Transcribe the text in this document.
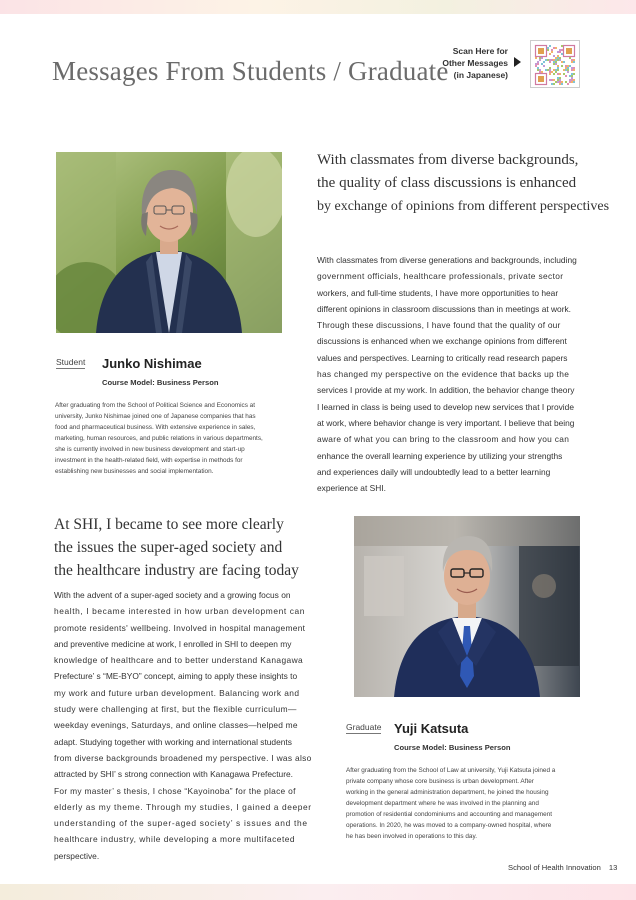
Messages From Students / Graduate
Scan Here for
Other Messages
(in Japanese)
With classmates from diverse backgrounds,
the quality of class discussions is enhanced
by exchange of opinions from different perspectives
With classmates from diverse generations and backgrounds, including
government officials, healthcare professionals, private sector
workers, and full-time students, I have more opportunities to hear
different opinions in classroom discussions than in meetings at work.
Through these discussions, I have found that the quality of our
discussions is enhanced when we exchange opinions from different
values and perspectives. Learning to critically read research papers
has changed my perspective on the evidence that backs up the
services I provide at my work. In addition, the behavior change theory
I learned in class is being used to develop new services that I provide
at work, where behavior change is very important. I believe that being
aware of what you can bring to the classroom and how you can
enhance the overall learning experience by utilizing your strengths
and experiences daily will undoubtedly lead to a better learning
experience at SHI.
Student Junko Nishimae
Course Model: Business Person
After graduating from the School of Political Science and Economics at
university, Junko Nishimae joined one of Japanese companies that has
food and pharmaceutical business. With extensive experience in sales,
marketing, human resources, and public relations in various departments,
she is currently involved in new business development and start-up
investment in the health-related field, with expertise in methods for
establishing new businesses and social implementation.
At SHI, I became to see more clearly
the issues the super-aged society and
the healthcare industry are facing today
With the advent of a super-aged society and a growing focus on
health, I became interested in how urban development can
promote residents' wellbeing. Involved in hospital management
and preventive medicine at work, I enrolled in SHI to deepen my
knowledge of healthcare and to better understand Kanagawa
Prefecture’ s “ME-BYO” concept, aiming to apply these insights to
my work and future urban development. Balancing work and
study were challenging at first, but the flexible curriculum—
weekday evenings, Saturdays, and online classes—helped me
adapt. Studying together with working and international students
from diverse backgrounds broadened my perspective. I was also
attracted by SHI’ s strong connection with Kanagawa Prefecture.
For my master’ s thesis, I chose “Kayoinoba” for the place of
elderly as my theme. Through my studies, I gained a deeper
understanding of the super-aged society’ s issues and the
healthcare industry, while developing a more multifaceted
perspective.
Graduate Yuji Katsuta
Course Model: Business Person
After graduating from the School of Law at university, Yuji Katsuta joined a
private company whose core business is urban development. After
working in the general administration department, he joined the housing
development department where he was involved in the planning and
promotion of residential condominiums and accounting and management
operations. In 2020, he was moved to a company-owned hospital, where
he has been involved in operations to this day.
School of Health Innovation 13
